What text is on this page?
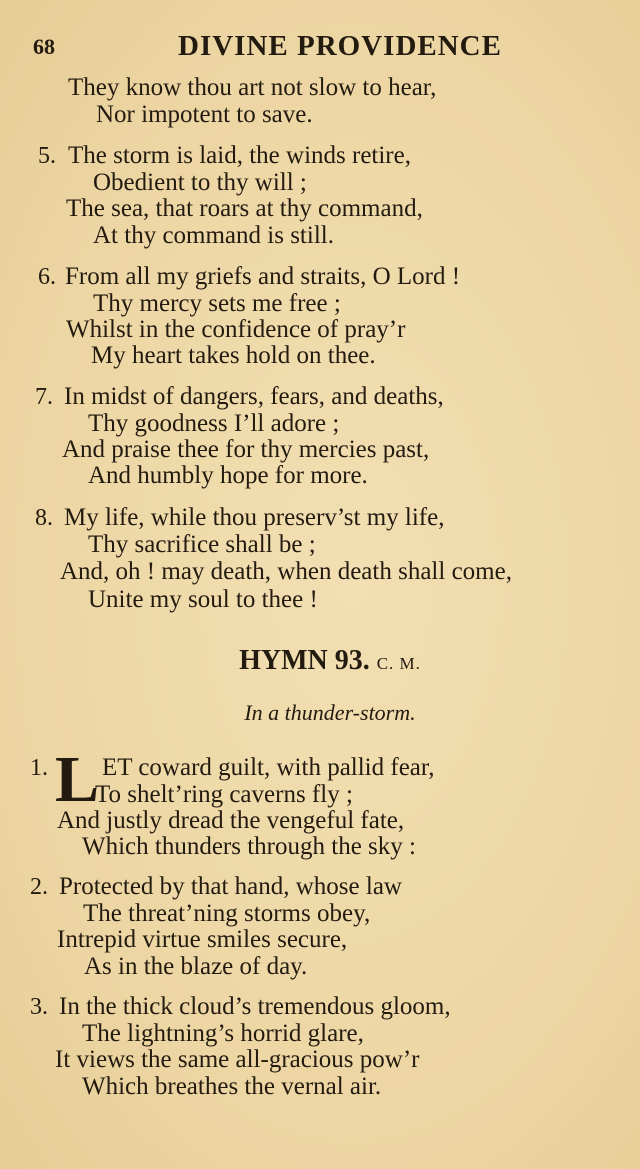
68	DIVINE PROVIDENCE
They know thou art not slow to hear,
Nor impotent to save.
5. The storm is laid, the winds retire,
Obedient to thy will ;
The sea, that roars at thy command,
At thy command is still.
6. From all my griefs and straits, O Lord !
Thy mercy sets me free ;
Whilst in the confidence of pray’r
My heart takes hold on thee.
7. In midst of dangers, fears, and deaths,
Thy goodness I’ll adore ;
And praise thee for thy mercies past,
And humbly hope for more.
8. My life, while thou preserv’st my life,
Thy sacrifice shall be ;
And, oh ! may death, when death shall come,
Unite my soul to thee !
HYMN 93. C. M.
In a thunder-storm.
1. L ET coward guilt, with pallid fear,
To shelt’ring caverns fly ;
And justly dread the vengeful fate,
Which thunders through the sky :
2. Protected by that hand, whose law
The threat’ning storms obey,
Intrepid virtue smiles secure,
As in the blaze of day.
3. In the thick cloud’s tremendous gloom,
The lightning’s horrid glare,
It views the same all-gracious pow’r
Which breathes the vernal air.
